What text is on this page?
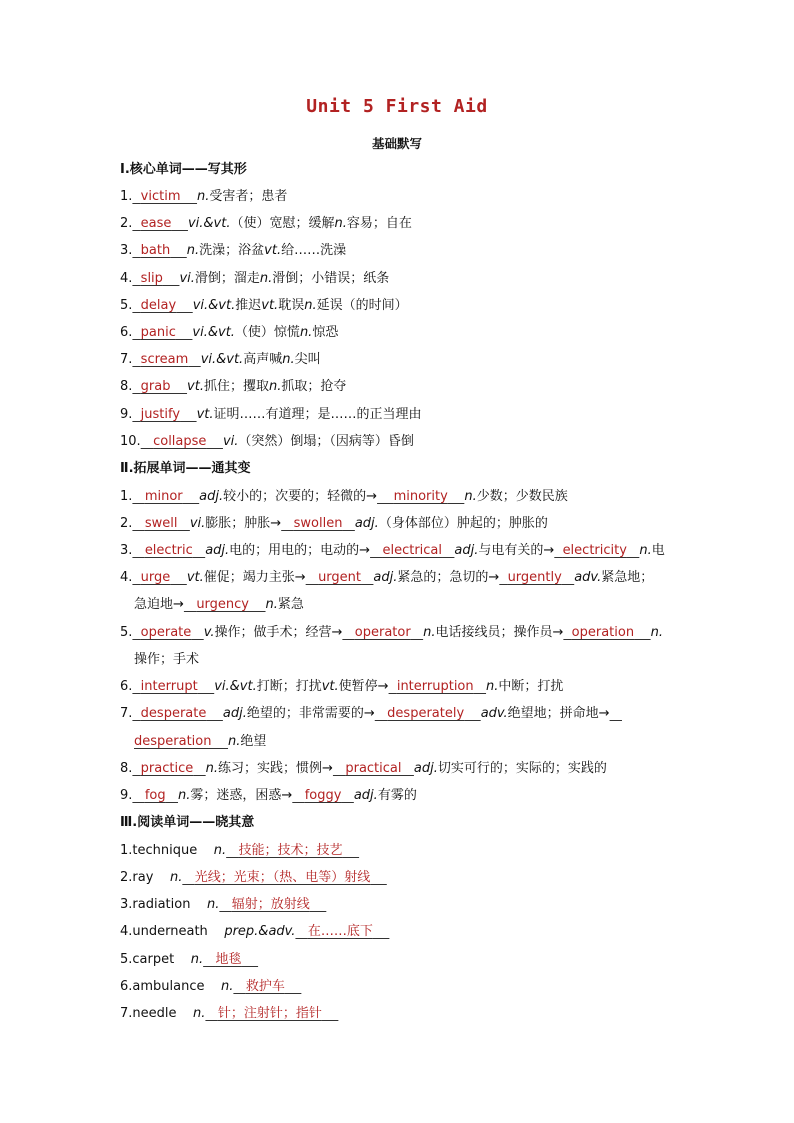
Unit 5 First Aid
基础默写
Ⅰ.核心单词——写其形
1. victim n.受害者；患者
2. ease vi.&vt.（使）宽慰；缓解n.容易；自在
3. bath n.洗澡；浴盆vt.给……洗澡
4. slip vi.滑倒；溜走n.滑倒；小错误；纸条
5. delay vi.&vt.推迟vt.耽误n.延误（的时间）
6. panic vi.&vt.（使）惊慌n.惊恐
7. scream vi.&vt.高声喊n.尖叫
8. grab vt.抓住；攫取n.抓取；抢夺
9. justify vt.证明……有道理；是……的正当理由
10. collapse vi.（突然）倒塌；（因病等）昏倒
Ⅱ.拓展单词——通其变
1. minor adj.较小的；次要的；轻微的→ minority n.少数；少数民族
2. swell vi.膨胀；肿胀→ swollen adj.（身体部位）肿起的；肿胀的
3. electric adj.电的；用电的；电动的→ electrical adj.与电有关的→ electricity n.电
4. urge vt.催促；竭力主张→ urgent adj.紧急的；急切的→ urgently adv.紧急地；
急迫地→ urgency n.紧急
5. operate v.操作；做手术；经营→ operator n.电话接线员；操作员→ operation n.
操作；手术
6. interrupt vi.&vt.打断；打扰vt.使暂停→ interruption n.中断；打扰
7. desperate adj.绝望的；非常需要的→ desperately adv.绝望地；拼命地→
desperation n.绝望
8. practice n.练习；实践；惯例→ practical adj.切实可行的；实际的；实践的
9. fog n.雾；迷惑，困惑→ foggy adj.有雾的
Ⅲ.阅读单词——晓其意
1.technique n. 技能；技术；技艺
2.ray n. 光线；光束；（热、电等）射线
3.radiation n. 辐射；放射线
4.underneath prep.&adv. 在……底下
5.carpet n. 地毯
6.ambulance n. 救护车
7.needle n. 针；注射针；指针
